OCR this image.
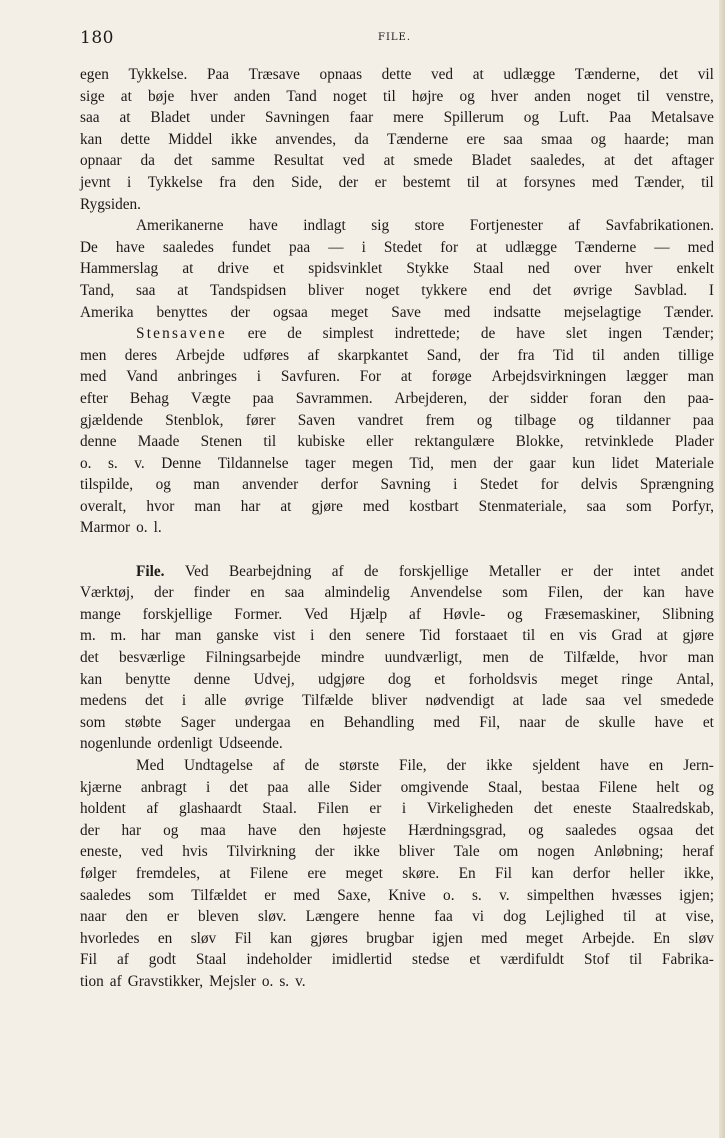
180	FILE.
egen Tykkelse. Paa Træsave opnaas dette ved at udlægge Tænderne, det vil
sige at bøje hver anden Tand noget til højre og hver anden noget til venstre,
saa at Bladet under Savningen faar mere Spillerum og Luft. Paa Metalsave
kan dette Middel ikke anvendes, da Tænderne ere saa smaa og haarde; man
opnaar da det samme Resultat ved at smede Bladet saaledes, at det aftager
jevnt i Tykkelse fra den Side, der er bestemt til at forsynes med Tænder, til
Rygsiden.
Amerikanerne have indlagt sig store Fortjenester af Savfabrikationen.
De have saaledes fundet paa — i Stedet for at udlægge Tænderne — med
Hammerslag at drive et spidsvinklet Stykke Staal ned over hver enkelt
Tand, saa at Tandspidsen bliver noget tykkere end det øvrige Savblad. I
Amerika benyttes der ogsaa meget Save med indsatte mejselagtige Tænder.
Stensavene ere de simplest indrettede; de have slet ingen Tænder;
men deres Arbejde udføres af skarpkantet Sand, der fra Tid til anden tillige
med Vand anbringes i Savfuren. For at forøge Arbejdsvirkningen lægger man
efter Behag Vægte paa Savrammen. Arbejderen, der sidder foran den paa-
gjældende Stenblok, fører Saven vandret frem og tilbage og tildanner paa
denne Maade Stenen til kubiske eller rektangulære Blokke, retvinklede Plader
o. s. v. Denne Tildannelse tager megen Tid, men der gaar kun lidet Materiale
tilspilde, og man anvender derfor Savning i Stedet for delvis Sprængning
overalt, hvor man har at gjøre med kostbart Stenmateriale, saa som Porfyr,
Marmor o. l.
File. Ved Bearbejdning af de forskjellige Metaller er der intet andet
Værktøj, der finder en saa almindelig Anvendelse som Filen, der kan have
mange forskjellige Former. Ved Hjælp af Høvle- og Fræsemaskiner, Slibning
m. m. har man ganske vist i den senere Tid forstaaet til en vis Grad at gjøre
det besværlige Filningsarbejde mindre uundværligt, men de Tilfælde, hvor man
kan benytte denne Udvej, udgjøre dog et forholdsvis meget ringe Antal,
medens det i alle øvrige Tilfælde bliver nødvendigt at lade saa vel smedede
som støbte Sager undergaa en Behandling med Fil, naar de skulle have et
nogenlunde ordenligt Udseende.
Med Undtagelse af de største File, der ikke sjeldent have en Jern-
kjærne anbragt i det paa alle Sider omgivende Staal, bestaa Filene helt og
holdent af glashaardt Staal. Filen er i Virkeligheden det eneste Staalredskab,
der har og maa have den højeste Hærdningsgrad, og saaledes ogsaa det
eneste, ved hvis Tilvirkning der ikke bliver Tale om nogen Anløbning; heraf
følger fremdeles, at Filene ere meget skøre. En Fil kan derfor heller ikke,
saaledes som Tilfældet er med Saxe, Knive o. s. v. simpelthen hvæsses igjen;
naar den er bleven sløv. Længere henne faa vi dog Lejlighed til at vise,
hvorledes en sløv Fil kan gjøres brugbar igjen med meget Arbejde. En sløv
Fil af godt Staal indeholder imidlertid stedse et værdifuldt Stof til Fabrika-
tion af Gravstikker, Mejsler o. s. v.
